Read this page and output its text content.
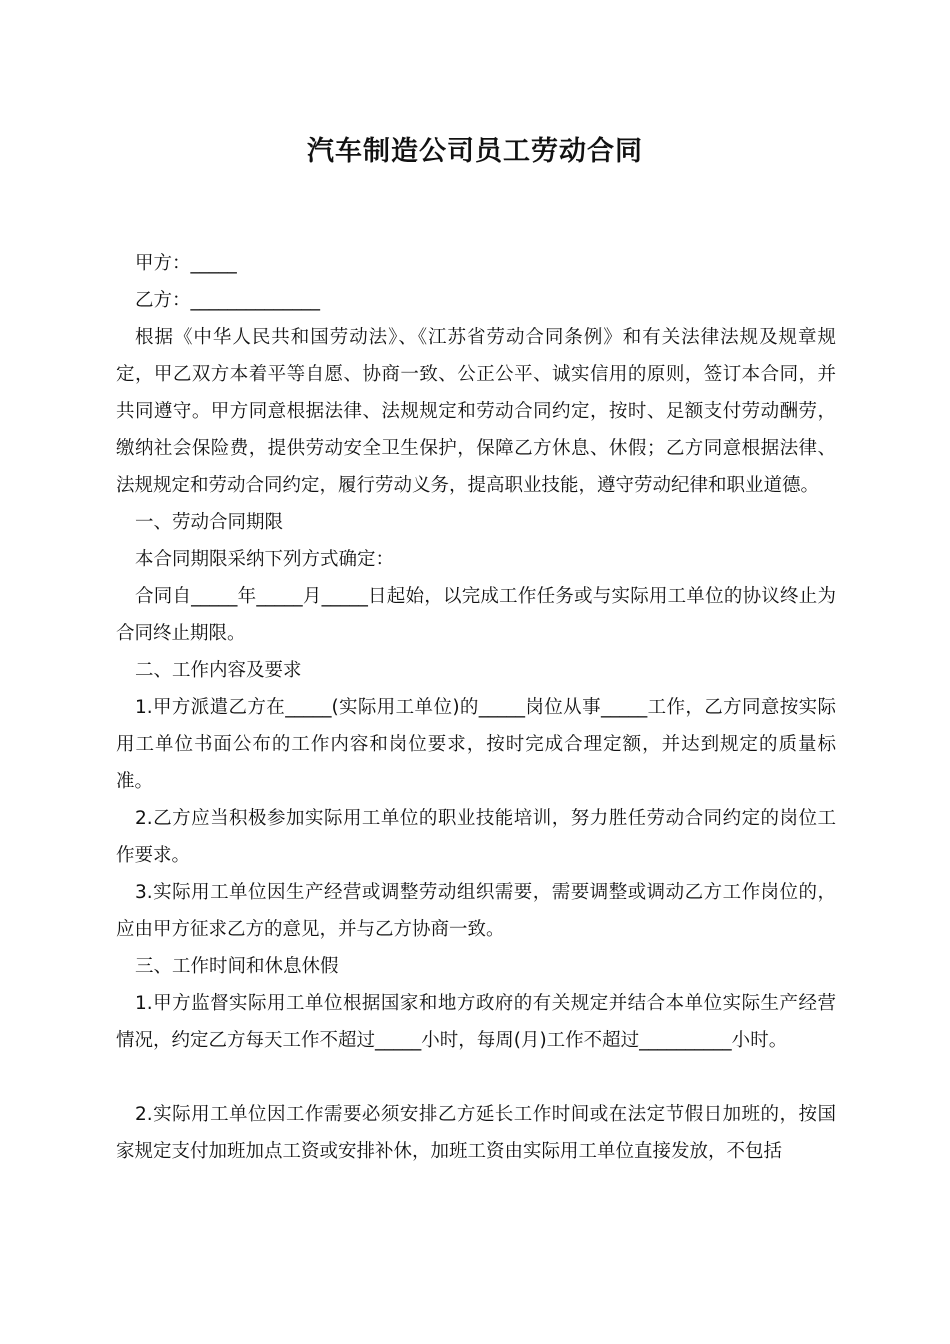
汽车制造公司员工劳动合同

甲方：_____

乙方：______________

根据《中华人民共和国劳动法》、《江苏省劳动合同条例》和有关法律法规及规章规定，甲乙双方本着平等自愿、协商一致、公正公平、诚实信用的原则，签订本合同，并共同遵守。甲方同意根据法律、法规规定和劳动合同约定，按时、足额支付劳动酬劳，缴纳社会保险费，提供劳动安全卫生保护，保障乙方休息、休假；乙方同意根据法律、法规规定和劳动合同约定，履行劳动义务，提高职业技能，遵守劳动纪律和职业道德。

一、劳动合同期限

本合同期限采纳下列方式确定：

合同自_____年_____月_____日起始，以完成工作任务或与实际用工单位的协议终止为合同终止期限。

二、工作内容及要求

1.甲方派遣乙方在_____(实际用工单位)的_____岗位从事_____工作，乙方同意按实际用工单位书面公布的工作内容和岗位要求，按时完成合理定额，并达到规定的质量标准。

2.乙方应当积极参加实际用工单位的职业技能培训，努力胜任劳动合同约定的岗位工作要求。

3.实际用工单位因生产经营或调整劳动组织需要，需要调整或调动乙方工作岗位的，应由甲方征求乙方的意见，并与乙方协商一致。

三、工作时间和休息休假

1.甲方监督实际用工单位根据国家和地方政府的有关规定并结合本单位实际生产经营情况，约定乙方每天工作不超过_____小时，每周(月)工作不超过__________小时。

2.实际用工单位因工作需要必须安排乙方延长工作时间或在法定节假日加班的，按国家规定支付加班加点工资或安排补休，加班工资由实际用工单位直接发放，不包括
